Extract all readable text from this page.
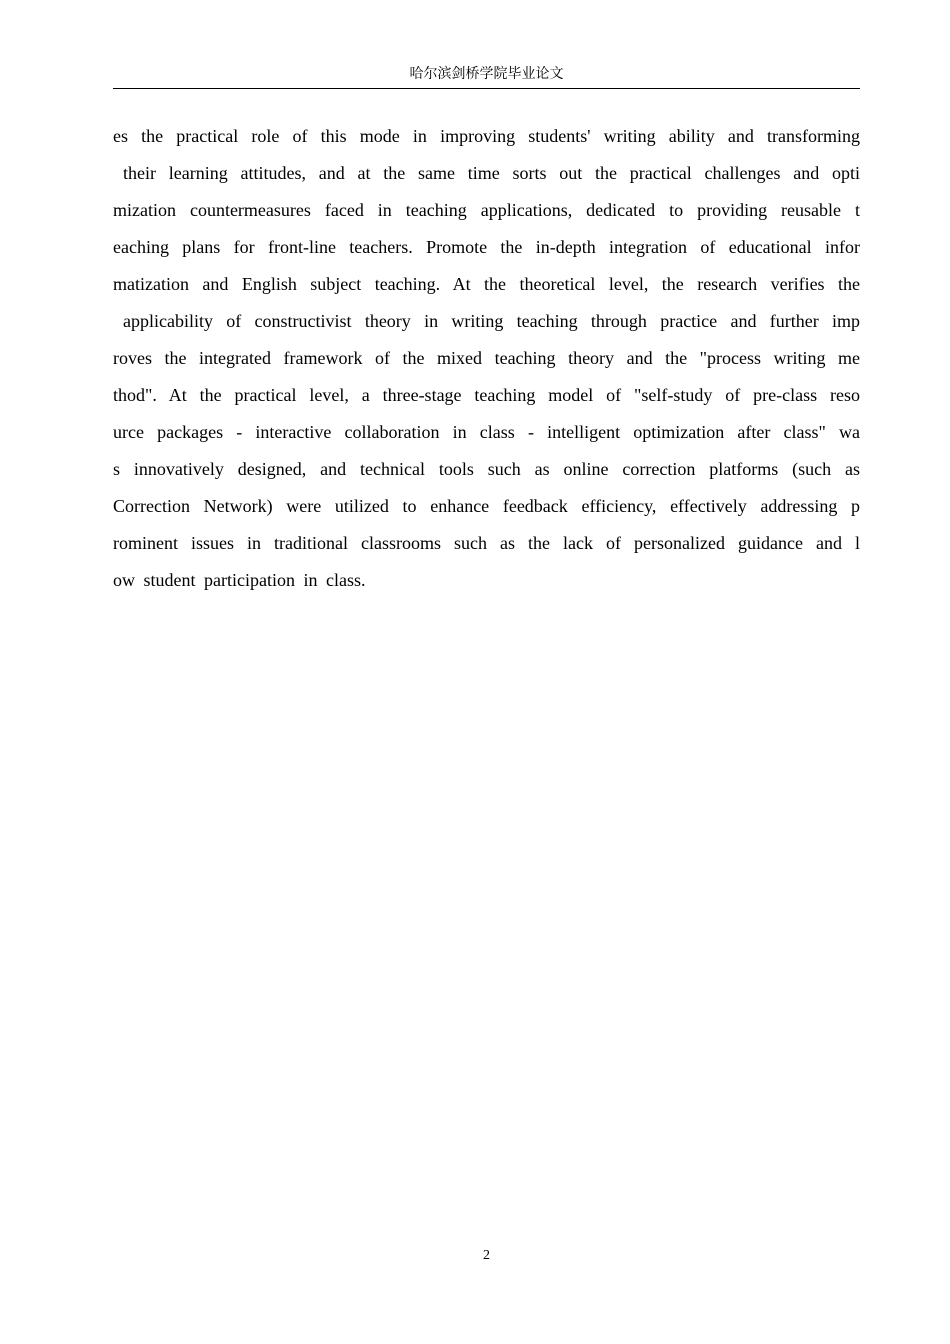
哈尔滨剑桥学院毕业论文
es the practical role of this mode in improving students' writing ability and transforming
their learning attitudes, and at the same time sorts out the practical challenges and opti
mization countermeasures faced in teaching applications, dedicated to providing reusable t
eaching plans for front-line teachers. Promote the in-depth integration of educational infor
matization and English subject teaching. At the theoretical level, the research verifies the
applicability of constructivist theory in writing teaching through practice and further imp
roves the integrated framework of the mixed teaching theory and the "process writing me
thod". At the practical level, a three-stage teaching model of "self-study of pre-class reso
urce packages - interactive collaboration in class - intelligent optimization after class" wa
s innovatively designed, and technical tools such as online correction platforms (such as
Correction Network) were utilized to enhance feedback efficiency, effectively addressing p
rominent issues in traditional classrooms such as the lack of personalized guidance and l
ow student participation in class.
2
